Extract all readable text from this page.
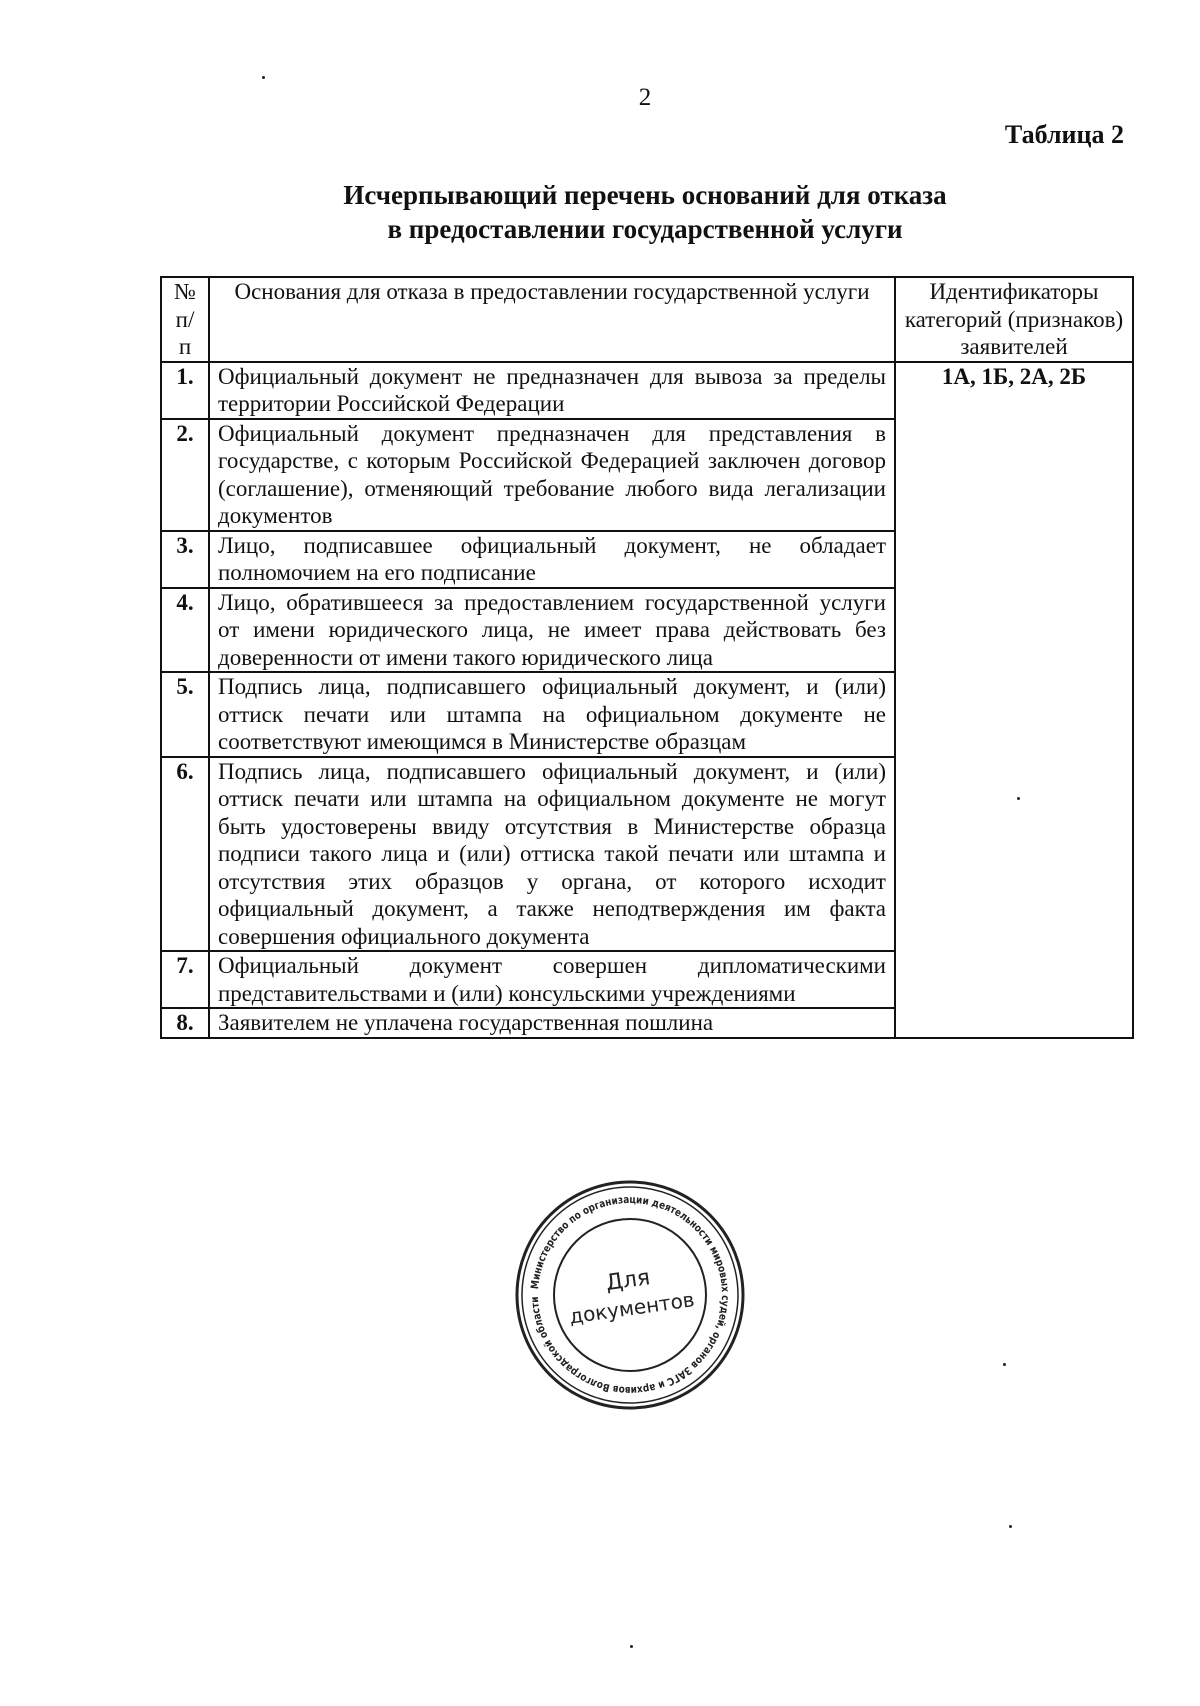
2
Таблица 2
Исчерпывающий перечень оснований для отказа
в предоставлении государственной услуги
№ п/п	Основания для отказа в предоставлении государственной услуги	Идентификаторы категорий (признаков) заявителей
1.	Официальный документ не предназначен для вывоза за пределы территории Российской Федерации	1А, 1Б, 2А, 2Б
2.	Официальный документ предназначен для представления в государстве, с которым Российской Федерацией заключен договор (соглашение), отменяющий требование любого вида легализации документов	
3.	Лицо, подписавшее официальный документ, не обладает полномочием на его подписание	
4.	Лицо, обратившееся за предоставлением государственной услуги от имени юридического лица, не имеет права действовать без доверенности от имени такого юридического лица	
5.	Подпись лица, подписавшего официальный документ, и (или) оттиск печати или штампа на официальном документе не соответствуют имеющимся в Министерстве образцам	
6.	Подпись лица, подписавшего официальный документ, и (или) оттиск печати или штампа на официальном документе не могут быть удостоверены ввиду отсутствия в Министерстве образца подписи такого лица и (или) оттиска такой печати или штампа и отсутствия этих образцов у органа, от которого исходит официальный документ, а также неподтверждения им факта совершения официального документа	
7.	Официальный документ совершен дипломатическими представительствами и (или) консульскими учреждениями	
8.	Заявителем не уплачена государственная пошлина	
Министерство по организации деятельности мировых судей, органов ЗАГС и архивов Волгоградской области
Для
документов
